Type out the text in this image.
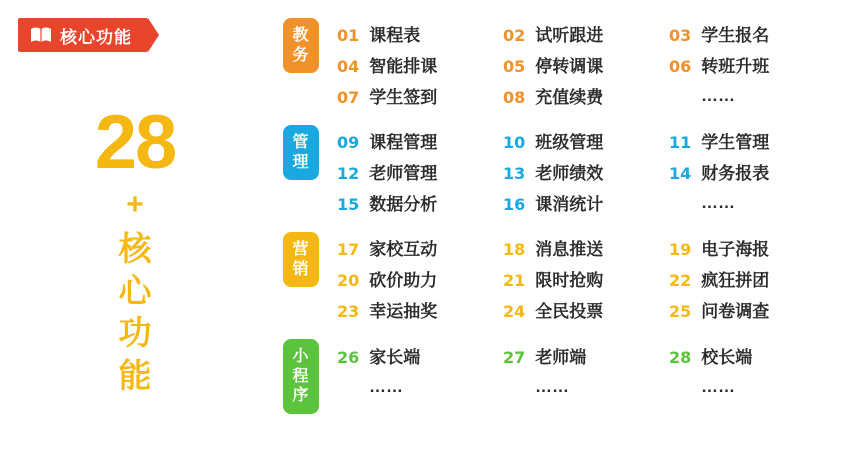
核心功能
28
+
核
心
功
能
教
务
01 课程表	02 试听跟进	03 学生报名
04 智能排课	05 停转调课	06 转班升班
07 学生签到	08 充值续费	……
管
理
09 课程管理	10 班级管理	11 学生管理
12 老师管理	13 老师绩效	14 财务报表
15 数据分析	16 课消统计	……
营
销
17 家校互动	18 消息推送	19 电子海报
20 砍价助力	21 限时抢购	22 疯狂拼团
23 幸运抽奖	24 全民投票	25 问卷调查
小
程
序
26 家长端	27 老师端	28 校长端
……	……	……
